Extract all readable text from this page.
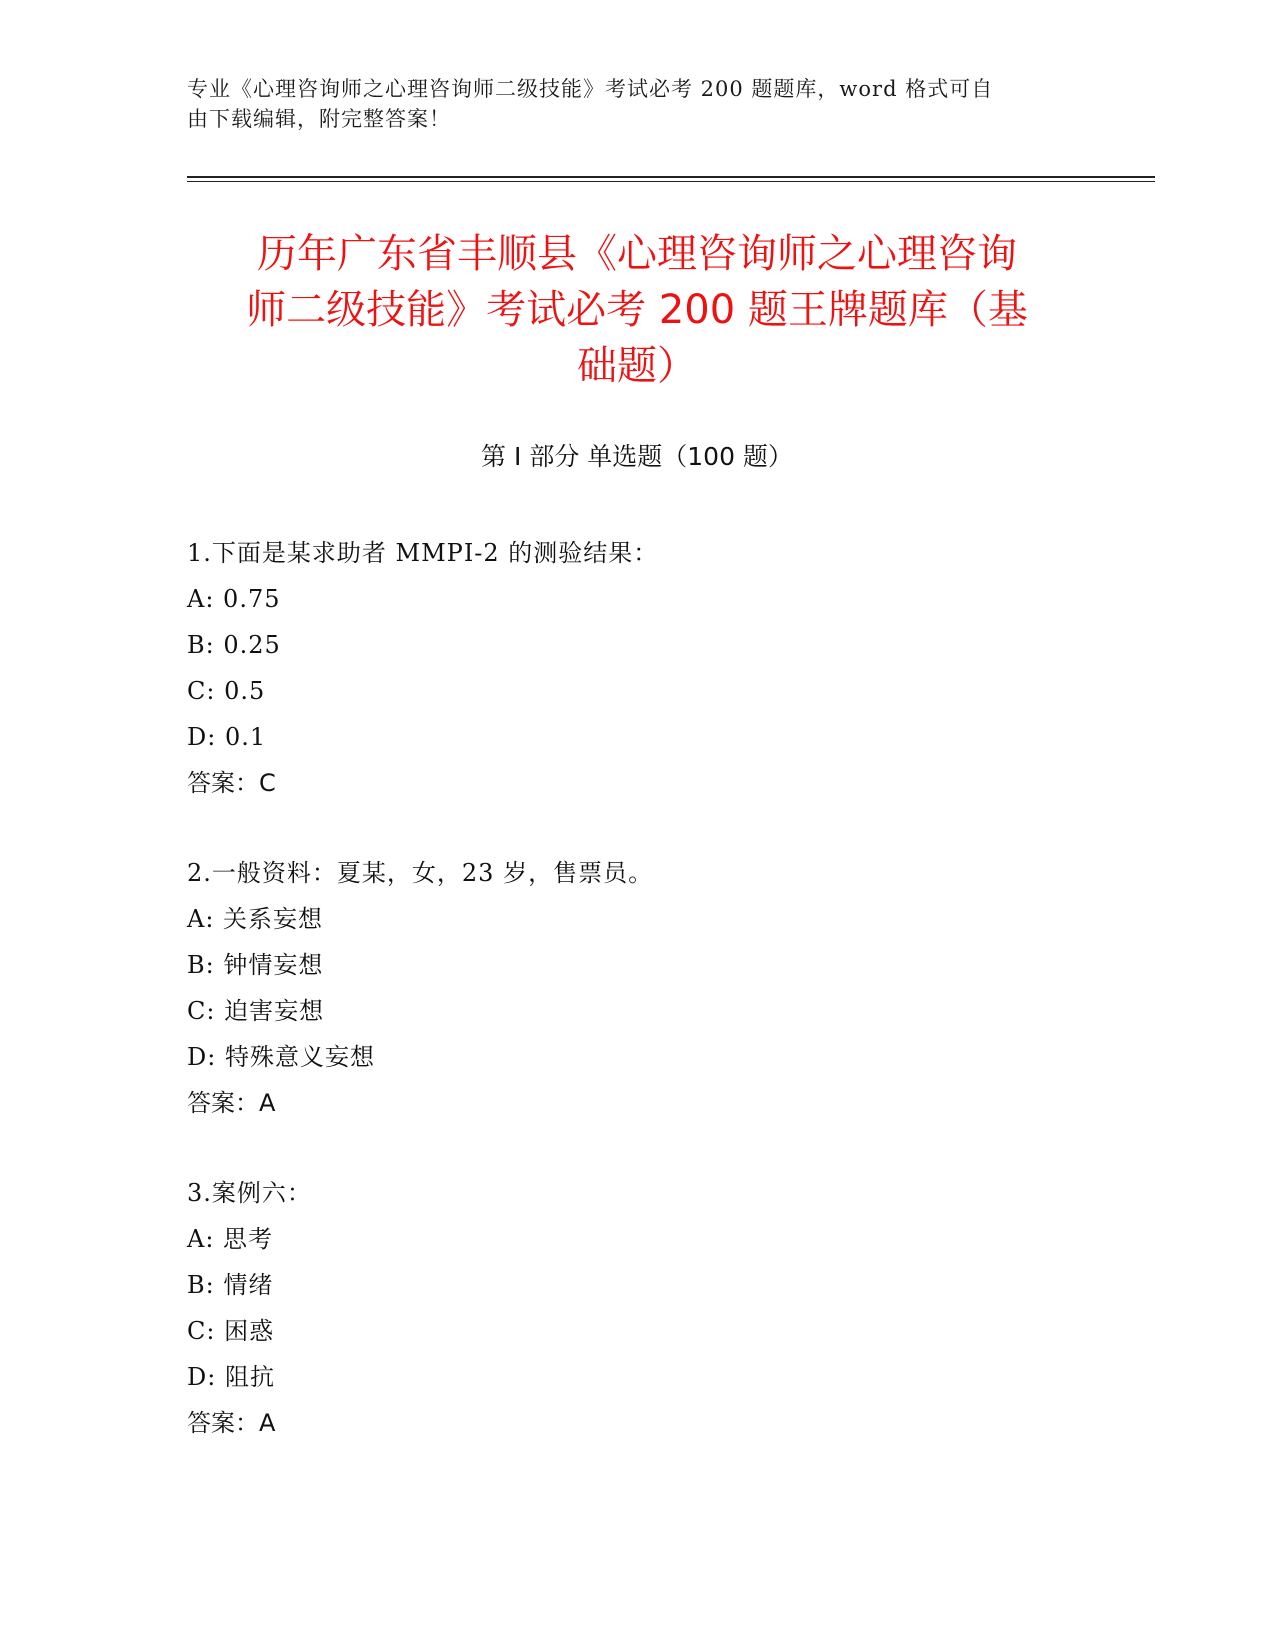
专业《心理咨询师之心理咨询师二级技能》考试必考 200 题题库，word 格式可自
由下载编辑，附完整答案！
历年广东省丰顺县《心理咨询师之心理咨询
师二级技能》考试必考 200 题王牌题库（基
础题）
第 I 部分 单选题（100 题）
1.下面是某求助者 MMPI-2 的测验结果：
A: 0.75
B: 0.25
C: 0.5
D: 0.1
答案：C
2.一般资料：夏某，女，23 岁，售票员。
A: 关系妄想
B: 钟情妄想
C: 迫害妄想
D: 特殊意义妄想
答案：A
3.案例六：
A: 思考
B: 情绪
C: 困惑
D: 阻抗
答案：A
